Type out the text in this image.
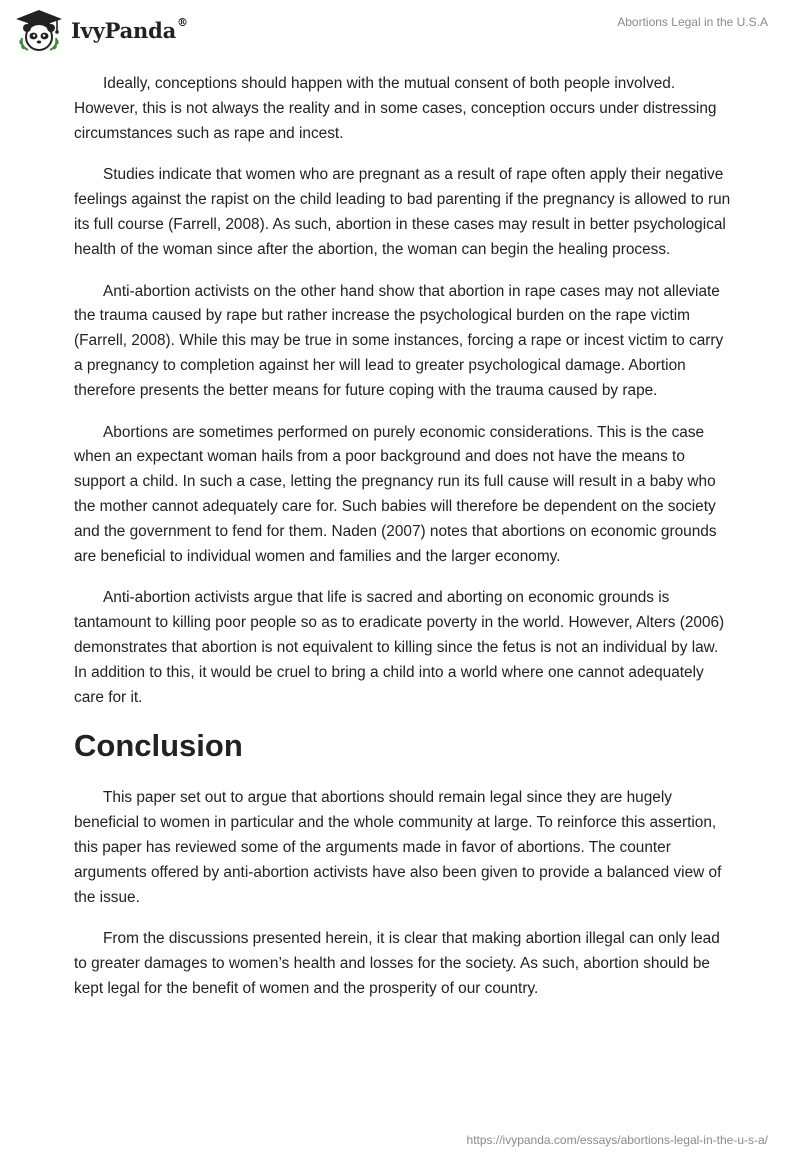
IvyPanda®	Abortions Legal in the U.S.A

Ideally, conceptions should happen with the mutual consent of both people involved. However, this is not always the reality and in some cases, conception occurs under distressing circumstances such as rape and incest.

Studies indicate that women who are pregnant as a result of rape often apply their negative feelings against the rapist on the child leading to bad parenting if the pregnancy is allowed to run its full course (Farrell, 2008). As such, abortion in these cases may result in better psychological health of the woman since after the abortion, the woman can begin the healing process.

Anti-abortion activists on the other hand show that abortion in rape cases may not alleviate the trauma caused by rape but rather increase the psychological burden on the rape victim (Farrell, 2008). While this may be true in some instances, forcing a rape or incest victim to carry a pregnancy to completion against her will lead to greater psychological damage. Abortion therefore presents the better means for future coping with the trauma caused by rape.

Abortions are sometimes performed on purely economic considerations. This is the case when an expectant woman hails from a poor background and does not have the means to support a child. In such a case, letting the pregnancy run its full cause will result in a baby who the mother cannot adequately care for. Such babies will therefore be dependent on the society and the government to fend for them. Naden (2007) notes that abortions on economic grounds are beneficial to individual women and families and the larger economy.

Anti-abortion activists argue that life is sacred and aborting on economic grounds is tantamount to killing poor people so as to eradicate poverty in the world. However, Alters (2006) demonstrates that abortion is not equivalent to killing since the fetus is not an individual by law. In addition to this, it would be cruel to bring a child into a world where one cannot adequately care for it.

Conclusion

This paper set out to argue that abortions should remain legal since they are hugely beneficial to women in particular and the whole community at large. To reinforce this assertion, this paper has reviewed some of the arguments made in favor of abortions. The counter arguments offered by anti-abortion activists have also been given to provide a balanced view of the issue.

From the discussions presented herein, it is clear that making abortion illegal can only lead to greater damages to women’s health and losses for the society. As such, abortion should be kept legal for the benefit of women and the prosperity of our country.

https://ivypanda.com/essays/abortions-legal-in-the-u-s-a/
